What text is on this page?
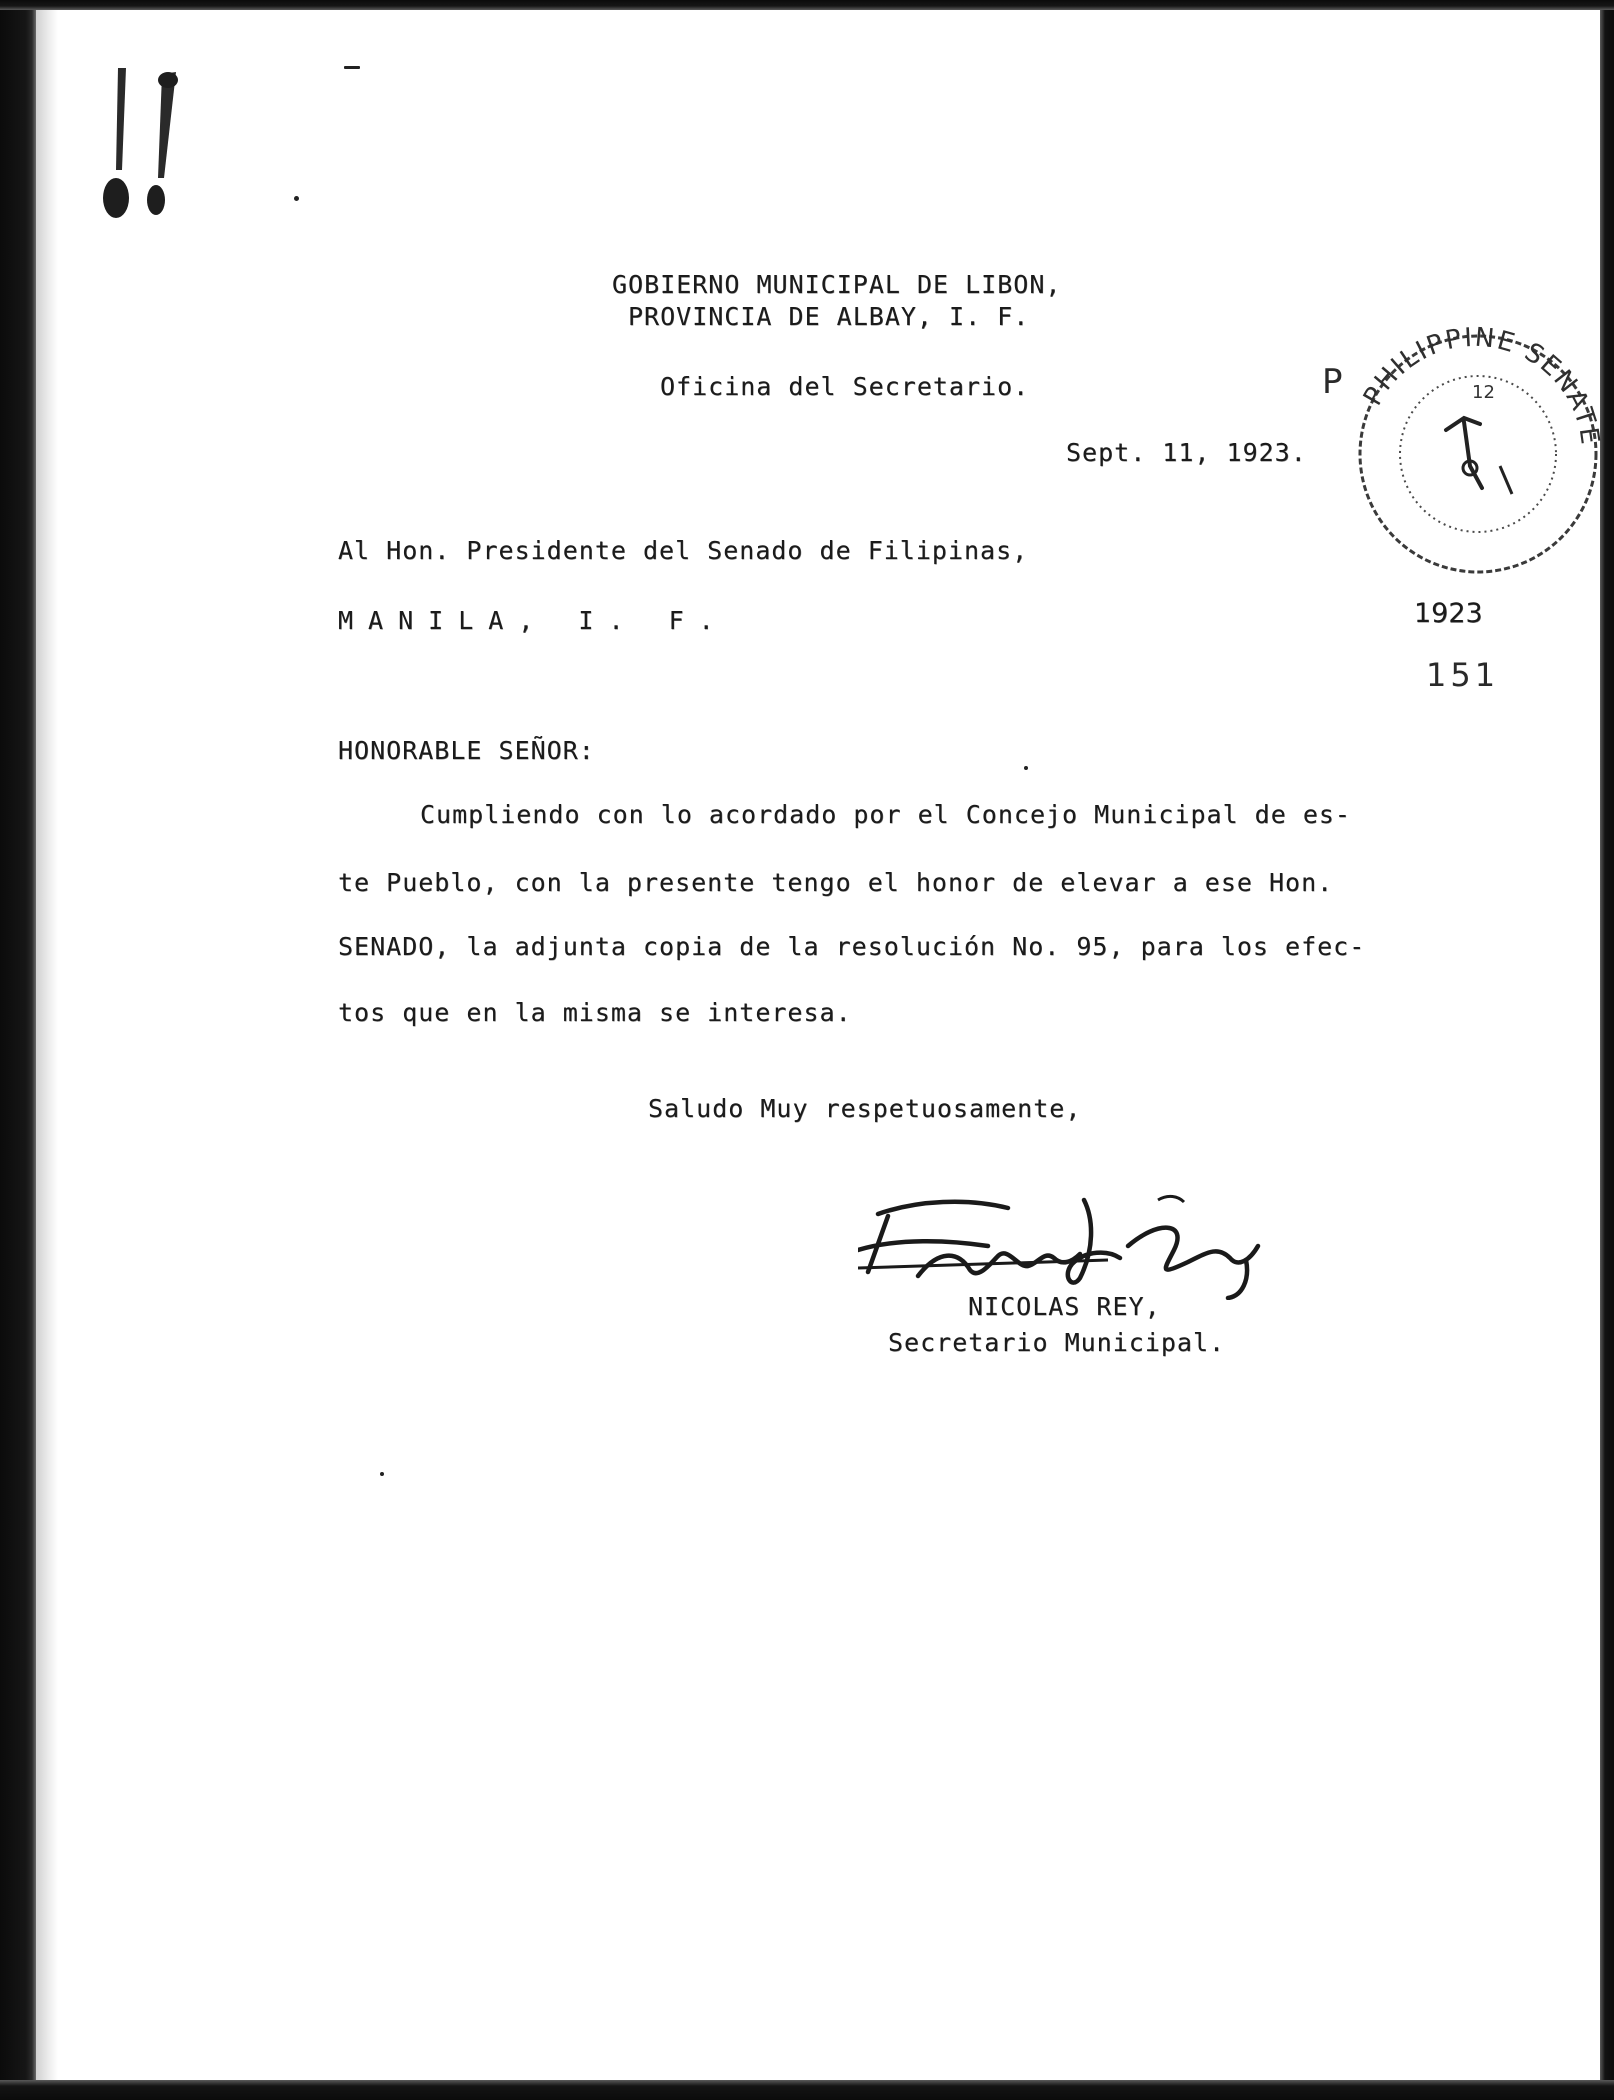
GOBIERNO MUNICIPAL DE LIBON,
PROVINCIA DE ALBAY, I. F.
Oficina del Secretario.	P
Sept. 11, 1923.
Al Hon. Presidente del Senado de Filipinas,
MANILA, I. F.
HONORABLE SEÑOR:
Cumpliendo con lo acordado por el Concejo Municipal de es-
te Pueblo, con la presente tengo el honor de elevar a ese Hon.
SENADO, la adjunta copia de la resolución No. 95, para los efec-
tos que en la misma se interesa.
Saludo Muy respetuosamente,
NICOLAS REY,
Secretario Municipal.
PHILIPPINE SENATE
12
1923
151
